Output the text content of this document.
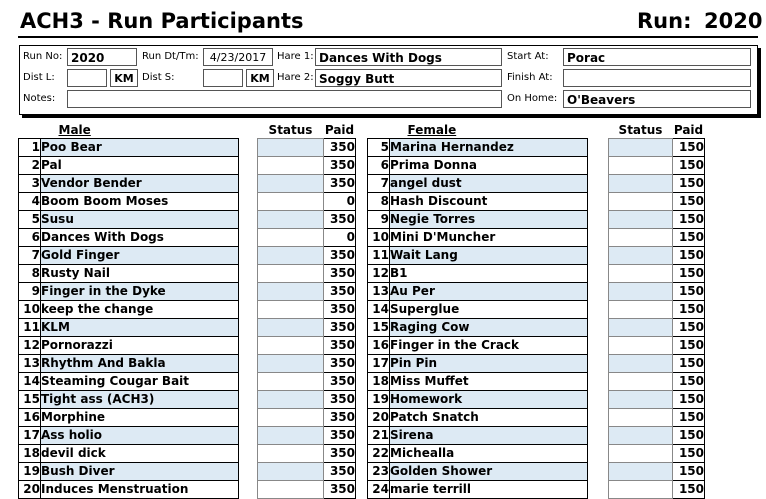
ACH3 - Run Participants	Run: 2020
Run No: 2020	Run Dt/Tm:	4/23/2017	Hare 1: Dances With Dogs	Start At:	Porac
Dist L:	KM Dist S:	KM Hare 2: Soggy Butt	Finish At:
Notes:	On Home: O'Beavers
	Male		Status	Paid
1	Poo Bear			350
2	Pal			350
3	Vendor Bender			350
4	Boom Boom Moses			0
5	Susu			350
6	Dances With Dogs			0
7	Gold Finger			350
8	Rusty Nail			350
9	Finger in the Dyke			350
10	keep the change			350
11	KLM			350
12	Pornorazzi			350
13	Rhythm And Bakla			350
14	Steaming Cougar Bait			350
15	Tight ass (ACH3)			350
16	Morphine			350
17	Ass holio			350
18	devil dick			350
19	Bush Diver			350
20	Induces Menstruation			350
	Female		Status	Paid
5	Marina Hernandez			150
6	Prima Donna			150
7	angel dust			150
8	Hash Discount			150
9	Negie Torres			150
10	Mini D'Muncher			150
11	Wait Lang			150
12	B1			150
13	Au Per			150
14	Superglue			150
15	Raging Cow			150
16	Finger in the Crack			150
17	Pin Pin			150
18	Miss Muffet			150
19	Homework			150
20	Patch Snatch			150
21	Sirena			150
22	Michealla			150
23	Golden Shower			150
24	marie terrill			150
